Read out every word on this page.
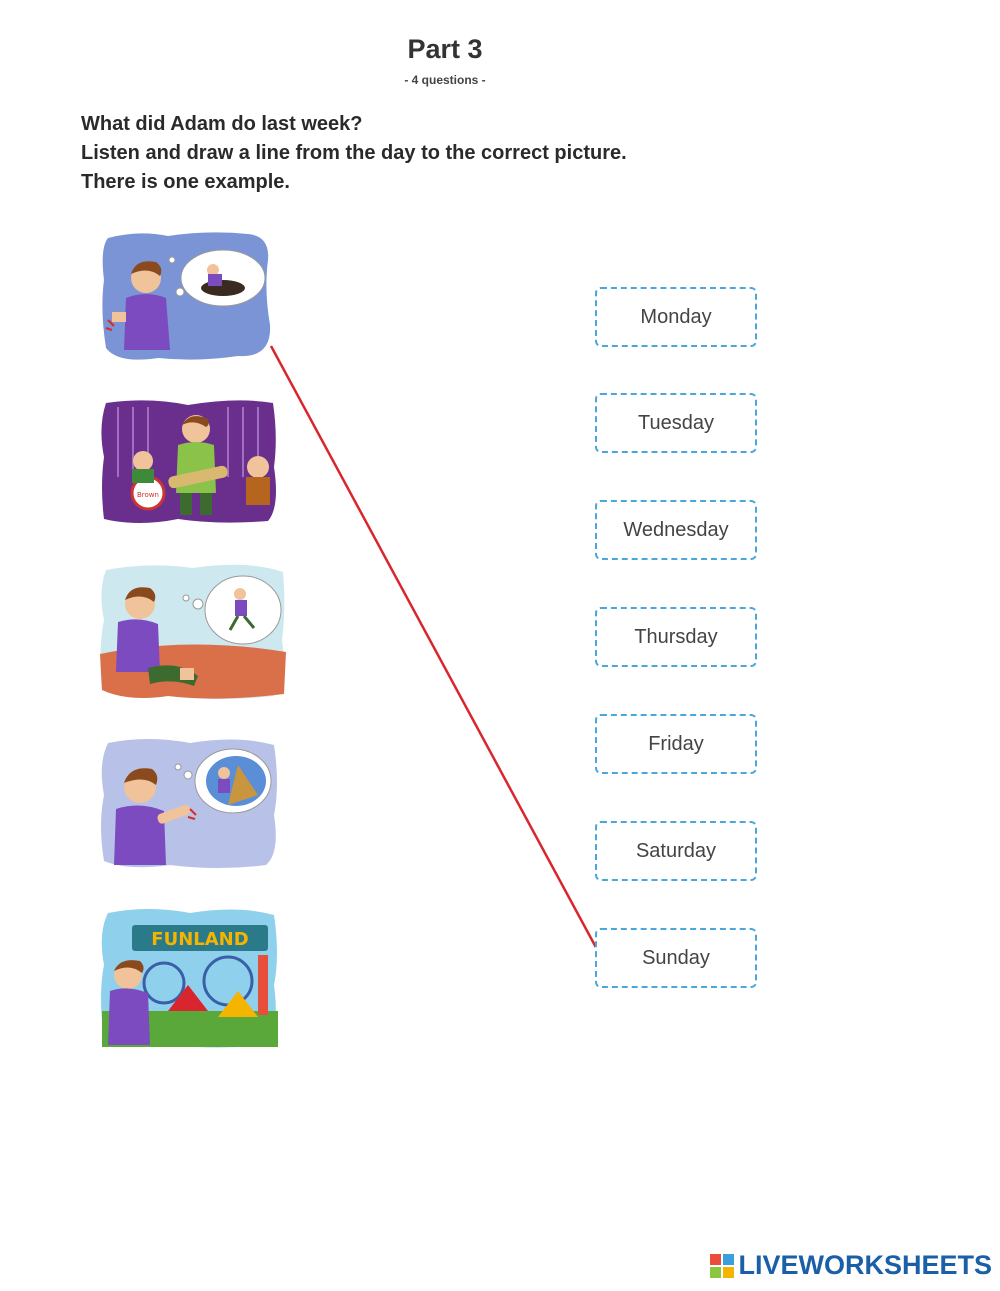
Part 3
- 4 questions -
What did Adam do last week?
Listen and draw a line from the day to the correct picture.
There is one example.
Brown
FUNLAND
Monday
Tuesday
Wednesday
Thursday
Friday
Saturday
Sunday
LIVEWORKSHEETS
